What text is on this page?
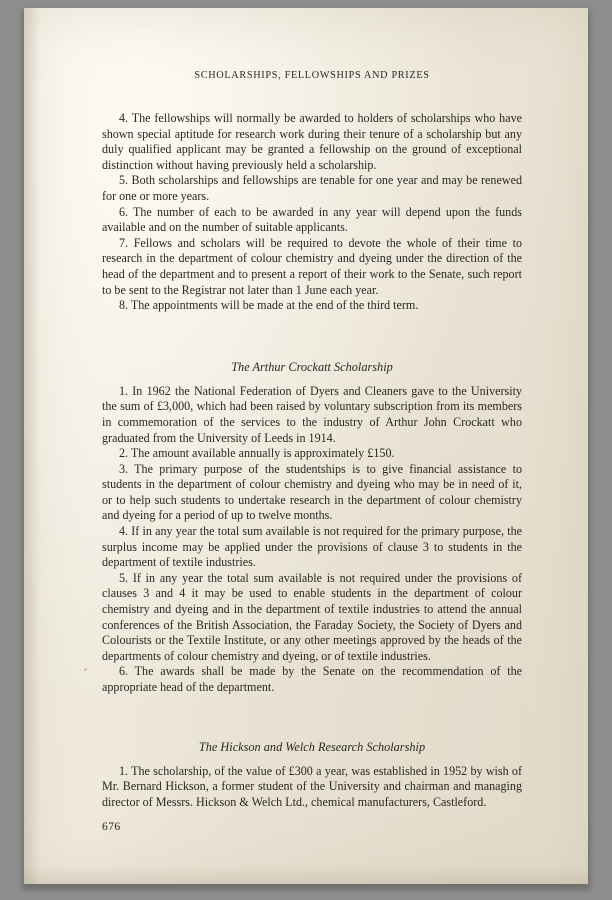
SCHOLARSHIPS, FELLOWSHIPS AND PRIZES

4. The fellowships will normally be awarded to holders of scholarships who have shown special aptitude for research work during their tenure of a scholarship but any duly qualified applicant may be granted a fellowship on the ground of exceptional distinction without having previously held a scholarship.

5. Both scholarships and fellowships are tenable for one year and may be renewed for one or more years.

6. The number of each to be awarded in any year will depend upon the funds available and on the number of suitable applicants.

7. Fellows and scholars will be required to devote the whole of their time to research in the department of colour chemistry and dyeing under the direction of the head of the department and to present a report of their work to the Senate, such report to be sent to the Registrar not later than 1 June each year.

8. The appointments will be made at the end of the third term.

The Arthur Crockatt Scholarship

1. In 1962 the National Federation of Dyers and Cleaners gave to the University the sum of £3,000, which had been raised by voluntary subscription from its members in commemoration of the services to the industry of Arthur John Crockatt who graduated from the University of Leeds in 1914.

2. The amount available annually is approximately £150.

3. The primary purpose of the studentships is to give financial assistance to students in the department of colour chemistry and dyeing who may be in need of it, or to help such students to undertake research in the department of colour chemistry and dyeing for a period of up to twelve months.

4. If in any year the total sum available is not required for the primary purpose, the surplus income may be applied under the provisions of clause 3 to students in the department of textile industries.

5. If in any year the total sum available is not required under the provisions of clauses 3 and 4 it may be used to enable students in the department of colour chemistry and dyeing and in the department of textile industries to attend the annual conferences of the British Association, the Faraday Society, the Society of Dyers and Colourists or the Textile Institute, or any other meetings approved by the heads of the departments of colour chemistry and dyeing, or of textile industries.

6. The awards shall be made by the Senate on the recommendation of the appropriate head of the department.

The Hickson and Welch Research Scholarship

1. The scholarship, of the value of £300 a year, was established in 1952 by wish of Mr. Bernard Hickson, a former student of the University and chairman and managing director of Messrs. Hickson & Welch Ltd., chemical manufacturers, Castleford.

676
